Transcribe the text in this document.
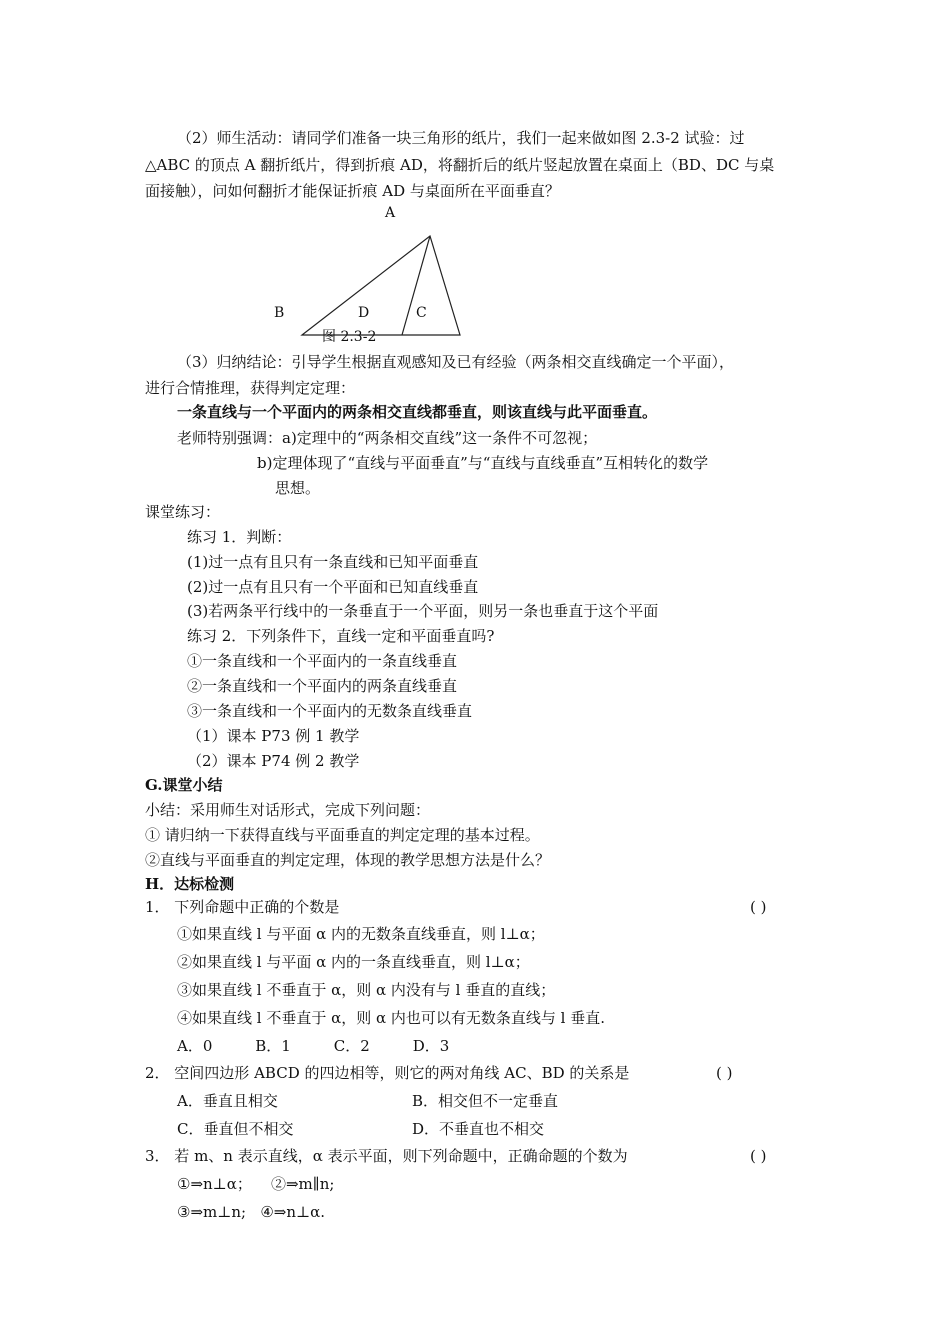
（2）师生活动：请同学们准备一块三角形的纸片，我们一起来做如图 2.3-2 试验：过
△ABC 的顶点 A 翻折纸片，得到折痕 AD，将翻折后的纸片竖起放置在桌面上（BD、DC 与桌
面接触），问如何翻折才能保证折痕 AD 与桌面所在平面垂直？
A
B	D	C
图 2.3-2
（3）归纳结论：引导学生根据直观感知及已有经验（两条相交直线确定一个平面），
进行合情推理，获得判定定理：
一条直线与一个平面内的两条相交直线都垂直，则该直线与此平面垂直。
老师特别强调：a)定理中的“两条相交直线”这一条件不可忽视；
b)定理体现了“直线与平面垂直”与“直线与直线垂直”互相转化的数学
思想。
课堂练习：
练习 1．判断：
(1)过一点有且只有一条直线和已知平面垂直
(2)过一点有且只有一个平面和已知直线垂直
(3)若两条平行线中的一条垂直于一个平面，则另一条也垂直于这个平面
练习 2．下列条件下，直线一定和平面垂直吗?
①一条直线和一个平面内的一条直线垂直
②一条直线和一个平面内的两条直线垂直
③一条直线和一个平面内的无数条直线垂直
（1）课本 P73 例 1 教学
（2）课本 P74 例 2 教学
G.课堂小结
小结：采用师生对话形式，完成下列问题：
① 请归纳一下获得直线与平面垂直的判定定理的基本过程。
②直线与平面垂直的判定定理，体现的教学思想方法是什么？
H．达标检测
1． 下列命题中正确的个数是	( )
①如果直线 l 与平面 α 内的无数条直线垂直，则 l⊥α；
②如果直线 l 与平面 α 内的一条直线垂直，则 l⊥α；
③如果直线 l 不垂直于 α，则 α 内没有与 l 垂直的直线；
④如果直线 l 不垂直于 α，则 α 内也可以有无数条直线与 l 垂直.
A．0         B．1         C．2         D．3
2． 空间四边形 ABCD 的四边相等，则它的两对角线 AC、BD 的关系是	( )
A．垂直且相交	B．相交但不一定垂直
C．垂直但不相交	D．不垂直也不相交
3． 若 m、n 表示直线，α 表示平面，则下列命题中，正确命题的个数为	( )
①⇒n⊥α；    ②⇒m∥n;
③⇒m⊥n;   ④⇒n⊥α.
